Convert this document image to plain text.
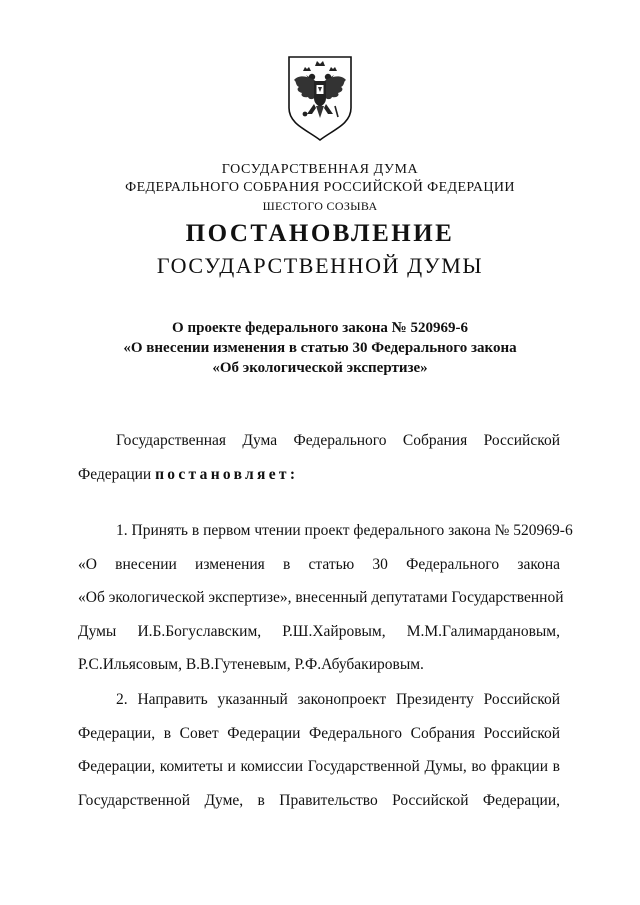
ГОСУДАРСТВЕННАЯ ДУМА
ФЕДЕРАЛЬНОГО СОБРАНИЯ РОССИЙСКОЙ ФЕДЕРАЦИИ
ШЕСТОГО СОЗЫВА
ПОСТАНОВЛЕНИЕ
ГОСУДАРСТВЕННОЙ ДУМЫ
О проекте федерального закона № 520969-6
«О внесении изменения в статью 30 Федерального закона
«Об экологической экспертизе»
Государственная Дума Федерального Собрания Российской
Федерации постановляет:
1. Принять в первом чтении проект федерального закона № 520969-6
«О внесении изменения в статью 30 Федерального закона
«Об экологической экспертизе», внесенный депутатами Государственной
Думы И.Б.Богуславским, Р.Ш.Хайровым, М.М.Галимардановым,
Р.С.Ильясовым, В.В.Гутеневым, Р.Ф.Абубакировым.
2. Направить указанный законопроект Президенту Российской
Федерации, в Совет Федерации Федерального Собрания Российской
Федерации, комитеты и комиссии Государственной Думы, во фракции в
Государственной Думе, в Правительство Российской Федерации,
